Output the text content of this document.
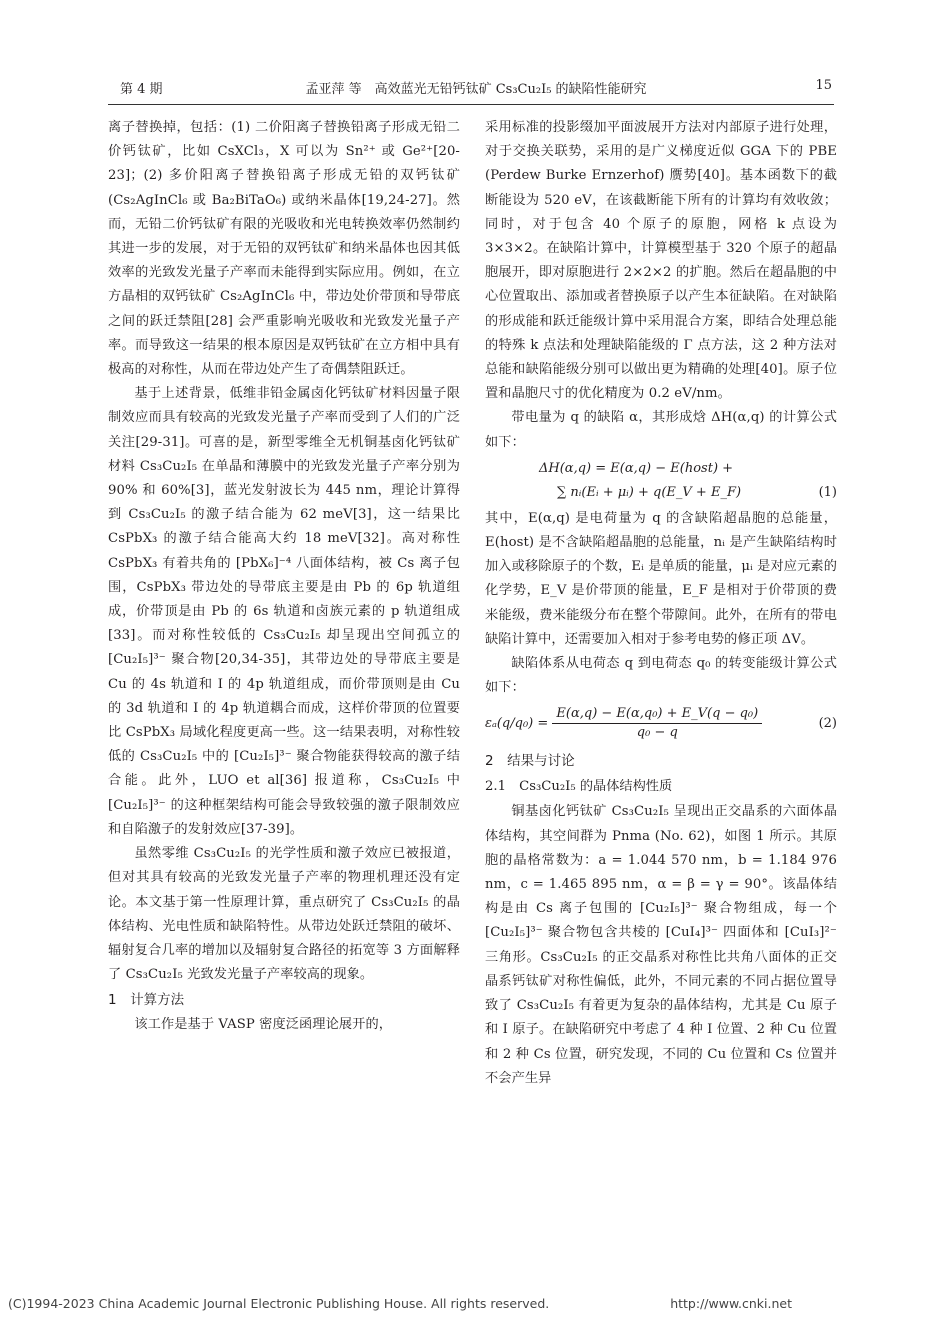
第 4 期	孟亚萍 等　高效蓝光无铅钙钛矿 Cs₃Cu₂I₅ 的缺陷性能研究	15

离子替换掉，包括：(1) 二价阳离子替换铅离子形成无铅二价钙钛矿，比如 CsXCl₃，X 可以为 Sn²⁺ 或 Ge²⁺[20-23]；(2) 多价阳离子替换铅离子形成无铅的双钙钛矿 (Cs₂AgInCl₆ 或 Ba₂BiTaO₆) 或纳米晶体[19,24-27]。然而，无铅二价钙钛矿有限的光吸收和光电转换效率仍然制约其进一步的发展，对于无铅的双钙钛矿和纳米晶体也因其低效率的光致发光量子产率而未能得到实际应用。例如，在立方晶相的双钙钛矿 Cs₂AgInCl₆ 中，带边处价带顶和导带底之间的跃迁禁阻[28] 会严重影响光吸收和光致发光量子产率。而导致这一结果的根本原因是双钙钛矿在立方相中具有极高的对称性，从而在带边处产生了奇偶禁阻跃迁。

基于上述背景，低维非铅金属卤化钙钛矿材料因量子限制效应而具有较高的光致发光量子产率而受到了人们的广泛关注[29-31]。可喜的是，新型零维全无机铜基卤化钙钛矿材料 Cs₃Cu₂I₅ 在单晶和薄膜中的光致发光量子产率分别为 90% 和 60%[3]，蓝光发射波长为 445 nm，理论计算得到 Cs₃Cu₂I₅ 的激子结合能为 62 meV[3]，这一结果比 CsPbX₃ 的激子结合能高大约 18 meV[32]。高对称性 CsPbX₃ 有着共角的 [PbX₆]⁻⁴ 八面体结构，被 Cs 离子包围，CsPbX₃ 带边处的导带底主要是由 Pb 的 6p 轨道组成，价带顶是由 Pb 的 6s 轨道和卤族元素的 p 轨道组成[33]。而对称性较低的 Cs₃Cu₂I₅ 却呈现出空间孤立的 [Cu₂I₅]³⁻ 聚合物[20,34-35]，其带边处的导带底主要是 Cu 的 4s 轨道和 I 的 4p 轨道组成，而价带顶则是由 Cu 的 3d 轨道和 I 的 4p 轨道耦合而成，这样价带顶的位置要比 CsPbX₃ 局域化程度更高一些。这一结果表明，对称性较低的 Cs₃Cu₂I₅ 中的 [Cu₂I₅]³⁻ 聚合物能获得较高的激子结合能。此外，LUO et al[36] 报道称，Cs₃Cu₂I₅ 中 [Cu₂I₅]³⁻ 的这种框架结构可能会导致较强的激子限制效应和自陷激子的发射效应[37-39]。

虽然零维 Cs₃Cu₂I₅ 的光学性质和激子效应已被报道，但对其具有较高的光致发光量子产率的物理机理还没有定论。本文基于第一性原理计算，重点研究了 Cs₃Cu₂I₅ 的晶体结构、光电性质和缺陷特性。从带边处跃迁禁阻的破坏、辐射复合几率的增加以及辐射复合路径的拓宽等 3 方面解释了 Cs₃Cu₂I₅ 光致发光量子产率较高的现象。

1　计算方法

该工作是基于 VASP 密度泛函理论展开的，

采用标准的投影缀加平面波展开方法对内部原子进行处理，对于交换关联势，采用的是广义梯度近似 GGA 下的 PBE (Perdew Burke Ernzerhof) 赝势[40]。基本函数下的截断能设为 520 eV，在该截断能下所有的计算均有效收敛；同时，对于包含 40 个原子的原胞，网格 k 点设为 3×3×2。在缺陷计算中，计算模型基于 320 个原子的超晶胞展开，即对原胞进行 2×2×2 的扩胞。然后在超晶胞的中心位置取出、添加或者替换原子以产生本征缺陷。在对缺陷的形成能和跃迁能级计算中采用混合方案，即结合处理总能的特殊 k 点法和处理缺陷能级的 Γ 点方法，这 2 种方法对总能和缺陷能级分别可以做出更为精确的处理[40]。原子位置和晶胞尺寸的优化精度为 0.2 eV/nm。

带电量为 q 的缺陷 α，其形成焓 ΔH(α,q) 的计算公式如下：

ΔH(α,q) = E(α,q) − E(host) +
∑ nᵢ(Eᵢ + μᵢ) + q(E_V + E_F)	(1)

其中，E(α,q) 是电荷量为 q 的含缺陷超晶胞的总能量，E(host) 是不含缺陷超晶胞的总能量，nᵢ 是产生缺陷结构时加入或移除原子的个数，Eᵢ 是单质的能量，μᵢ 是对应元素的化学势，E_V 是价带顶的能量，E_F 是相对于价带顶的费米能级，费米能级分布在整个带隙间。此外，在所有的带电缺陷计算中，还需要加入相对于参考电势的修正项 ΔV。

缺陷体系从电荷态 q 到电荷态 q₀ 的转变能级计算公式如下：

$\varepsilon_a(q/q_0) = \frac{\text{E(α,q) − E(α,q₀) + E\_V(q − q₀)}}{\text{q₀ − q}}$	(2)
2　结果与讨论
2.1　Cs₃Cu₂I₅ 的晶体结构性质

铜基卤化钙钛矿 Cs₃Cu₂I₅ 呈现出正交晶系的六面体晶体结构，其空间群为 Pnma (No. 62)，如图 1 所示。其原胞的晶格常数为：a = 1.044 570 nm，b = 1.184 976 nm，c = 1.465 895 nm，α = β = γ = 90°。该晶体结构是由 Cs 离子包围的 [Cu₂I₅]³⁻ 聚合物组成，每一个 [Cu₂I₅]³⁻ 聚合物包含共棱的 [CuI₄]³⁻ 四面体和 [CuI₃]²⁻ 三角形。Cs₃Cu₂I₅ 的正交晶系对称性比共角八面体的正交晶系钙钛矿对称性偏低，此外，不同元素的不同占据位置导致了 Cs₃Cu₂I₅ 有着更为复杂的晶体结构，尤其是 Cu 原子和 I 原子。在缺陷研究中考虑了 4 种 I 位置、2 种 Cu 位置和 2 种 Cs 位置，研究发现，不同的 Cu 位置和 Cs 位置并不会产生异

(C)1994-2023 China Academic Journal Electronic Publishing House. All rights reserved.	http://www.cnki.net
